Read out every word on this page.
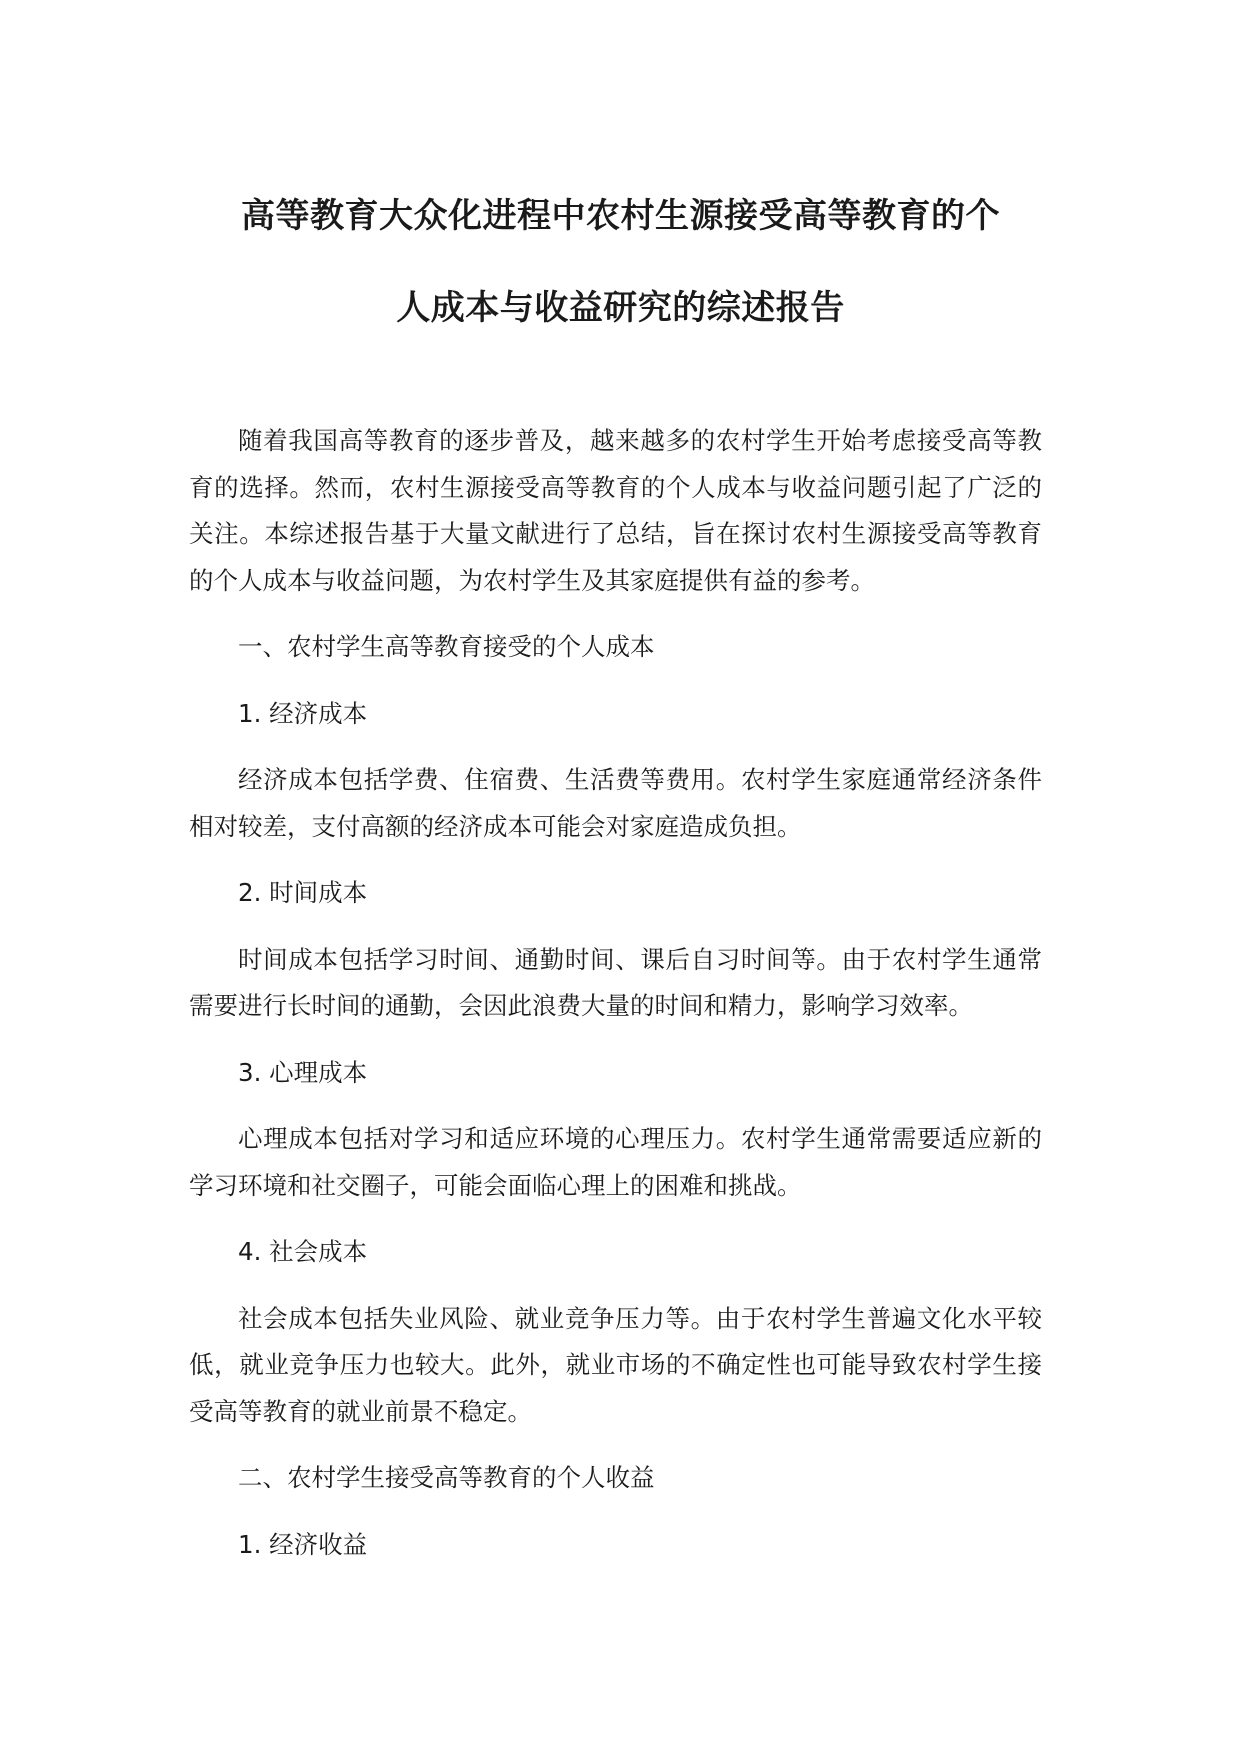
高等教育大众化进程中农村生源接受高等教育的个
人成本与收益研究的综述报告

随着我国高等教育的逐步普及，越来越多的农村学生开始考虑接受高等教育的选择。然而，农村生源接受高等教育的个人成本与收益问题引起了广泛的关注。本综述报告基于大量文献进行了总结，旨在探讨农村生源接受高等教育的个人成本与收益问题，为农村学生及其家庭提供有益的参考。

一、农村学生高等教育接受的个人成本

1. 经济成本

经济成本包括学费、住宿费、生活费等费用。农村学生家庭通常经济条件相对较差，支付高额的经济成本可能会对家庭造成负担。

2. 时间成本

时间成本包括学习时间、通勤时间、课后自习时间等。由于农村学生通常需要进行长时间的通勤，会因此浪费大量的时间和精力，影响学习效率。

3. 心理成本

心理成本包括对学习和适应环境的心理压力。农村学生通常需要适应新的学习环境和社交圈子，可能会面临心理上的困难和挑战。

4. 社会成本

社会成本包括失业风险、就业竞争压力等。由于农村学生普遍文化水平较低，就业竞争压力也较大。此外，就业市场的不确定性也可能导致农村学生接受高等教育的就业前景不稳定。

二、农村学生接受高等教育的个人收益

1. 经济收益
